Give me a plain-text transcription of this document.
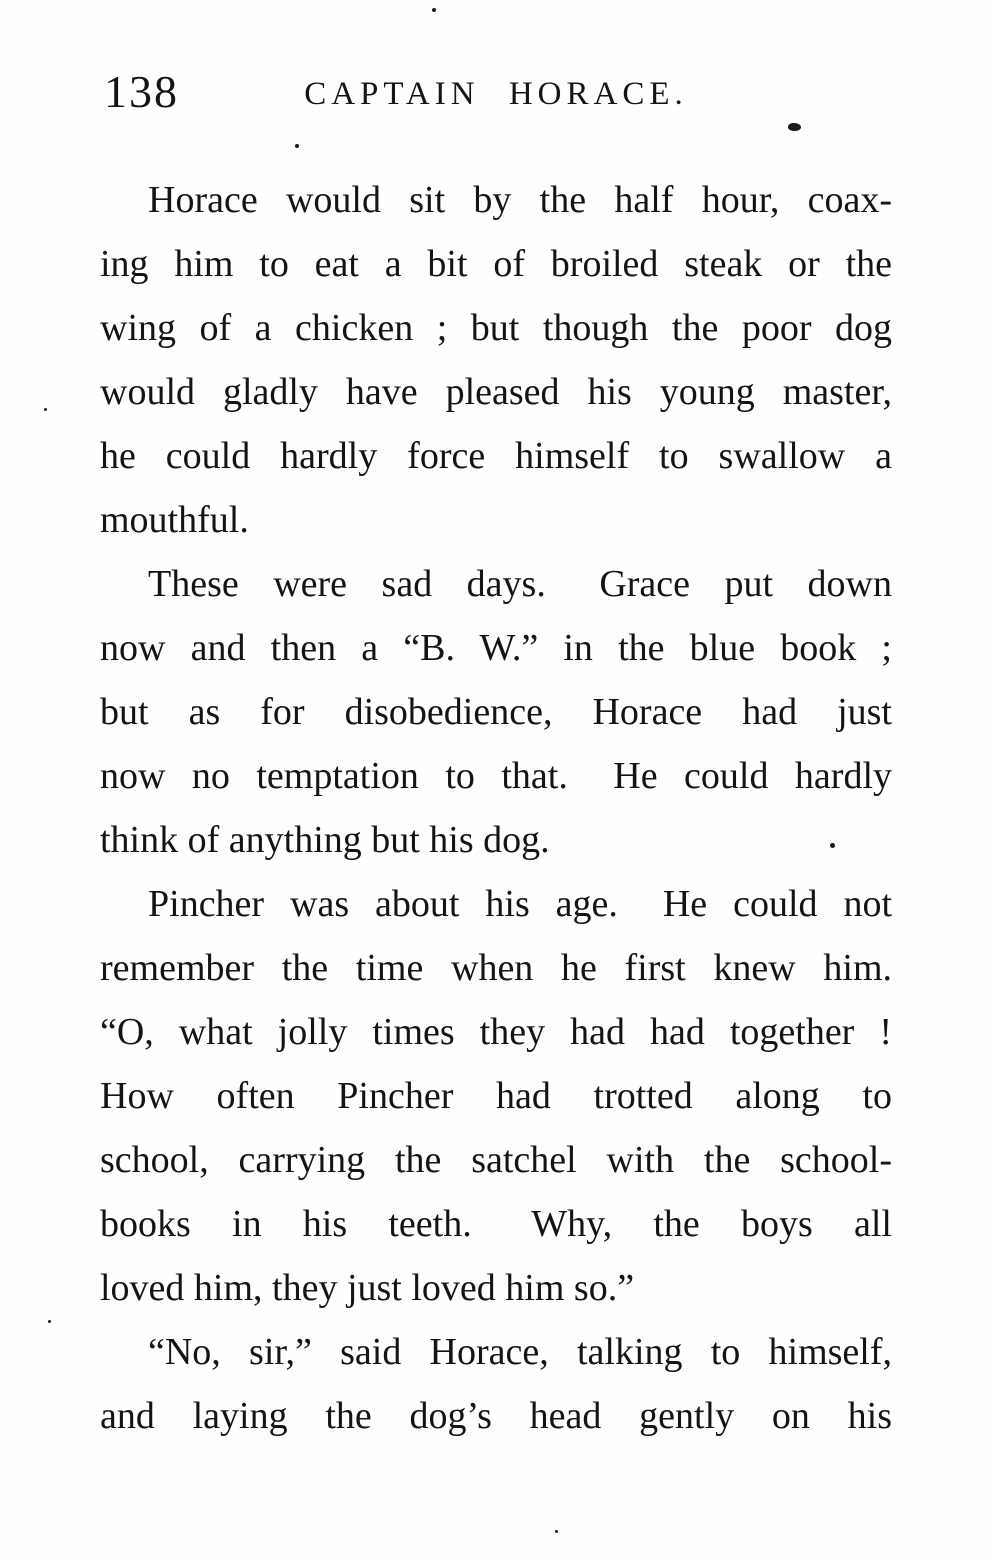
138	CAPTAIN HORACE.
Horace would sit by the half hour, coax-
ing him to eat a bit of broiled steak or the
wing of a chicken ; but though the poor dog
would gladly have pleased his young master,
he could hardly force himself to swallow a
mouthful.
These were sad days.  Grace put down
now and then a “B. W.” in the blue book ;
but as for disobedience, Horace had just
now no temptation to that.  He could hardly
think of anything but his dog.
Pincher was about his age.  He could not
remember the time when he first knew him.
“O, what jolly times they had had together !
How often Pincher had trotted along to
school, carrying the satchel with the school-
books in his teeth.  Why, the boys all
loved him, they just loved him so.”
“No, sir,” said Horace, talking to himself,
and laying the dog’s head gently on his
